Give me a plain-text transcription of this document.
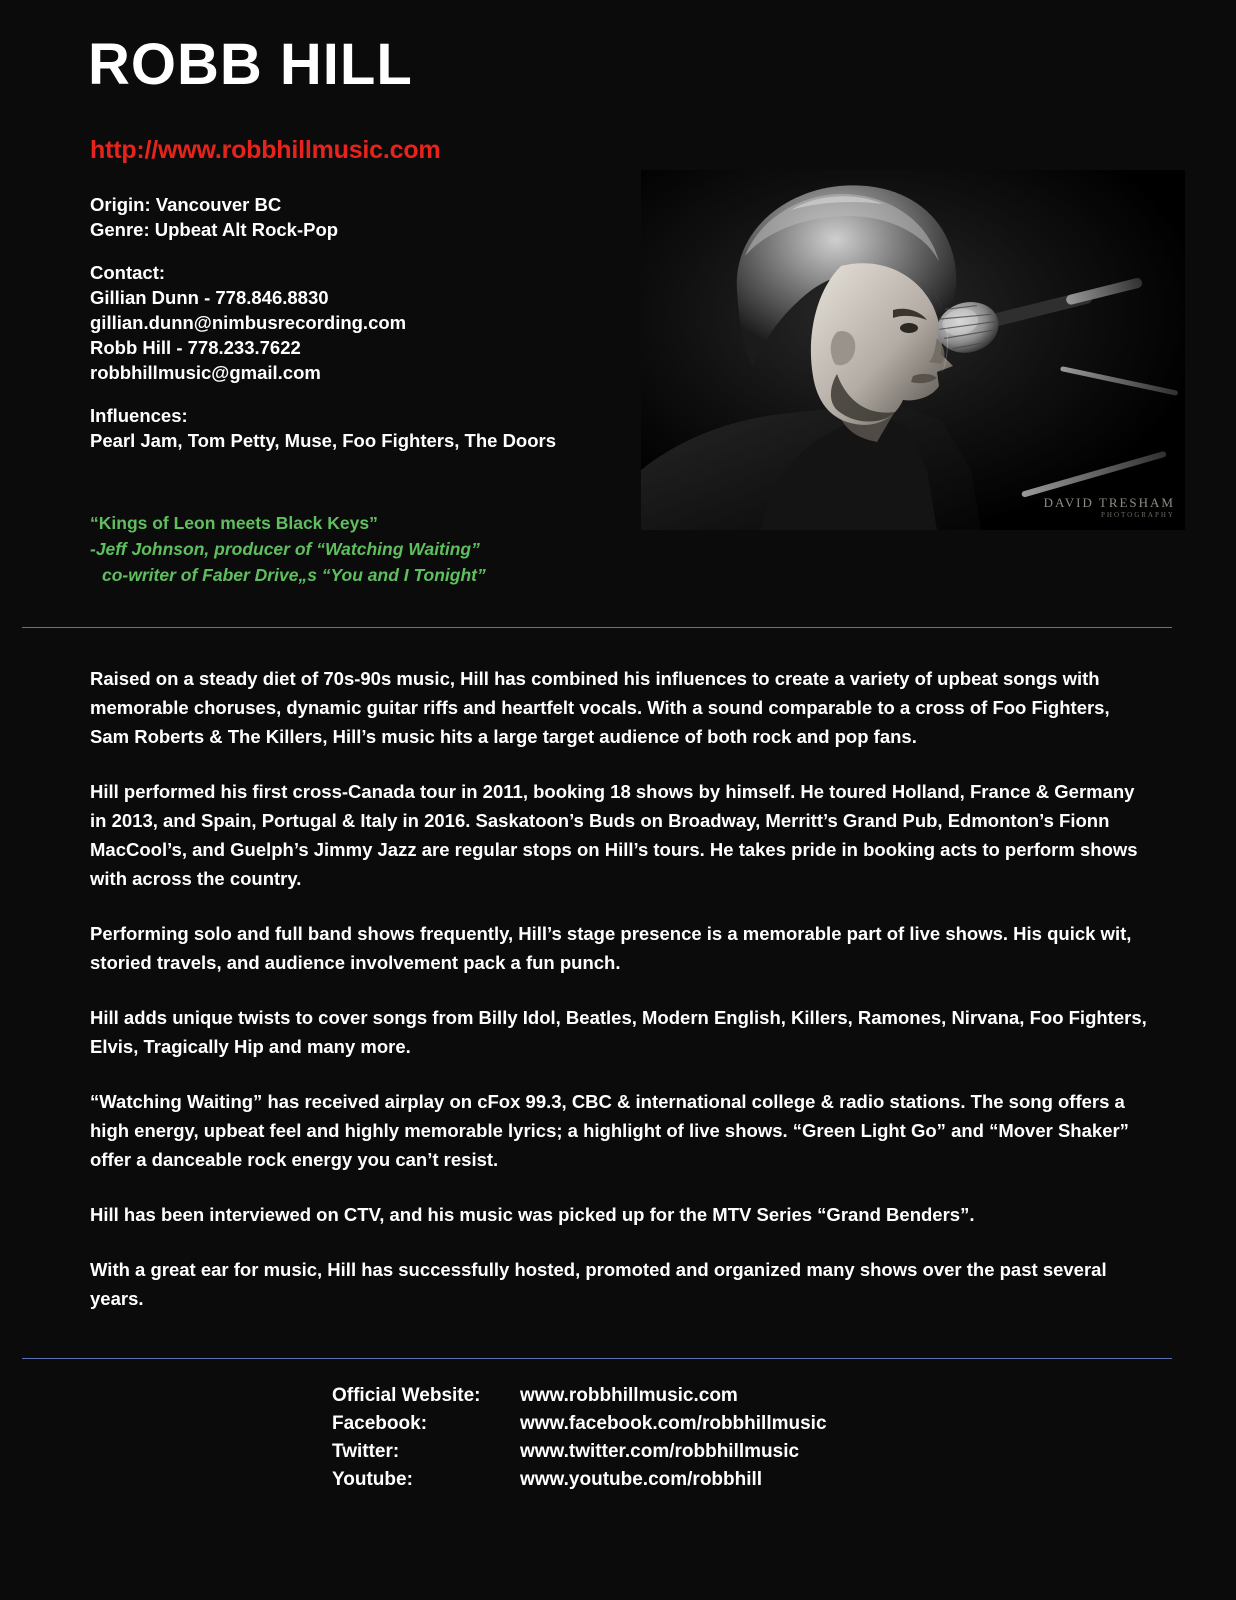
ROBB HILL
http://www.robbhillmusic.com
Origin: Vancouver BC
Genre: Upbeat Alt Rock-Pop
Contact:
Gillian Dunn - 778.846.8830
gillian.dunn@nimbusrecording.com
Robb Hill - 778.233.7622
robbhillmusic@gmail.com
Influences:
Pearl Jam, Tom Petty, Muse, Foo Fighters, The Doors
“Kings of Leon meets Black Keys”
-Jeff Johnson, producer of “Watching Waiting”
co-writer of Faber Drive„s “You and I Tonight”
DAVID TRESHAM
PHOTOGRAPHY

Raised on a steady diet of 70s-90s music, Hill has combined his influences to create a variety of upbeat songs with memorable choruses, dynamic guitar riffs and heartfelt vocals. With a sound comparable to a cross of Foo Fighters, Sam Roberts & The Killers, Hill’s music hits a large target audience of both rock and pop fans.

Hill performed his first cross-Canada tour in 2011, booking 18 shows by himself. He toured Holland, France & Germany in 2013, and Spain, Portugal & Italy in 2016. Saskatoon’s Buds on Broadway, Merritt’s Grand Pub, Edmonton’s Fionn MacCool’s, and Guelph’s Jimmy Jazz are regular stops on Hill’s tours. He takes pride in booking acts to perform shows with across the country.

Performing solo and full band shows frequently, Hill’s stage presence is a memorable part of live shows. His quick wit, storied travels, and audience involvement pack a fun punch.

Hill adds unique twists to cover songs from Billy Idol, Beatles, Modern English, Killers, Ramones, Nirvana, Foo Fighters, Elvis, Tragically Hip and many more.

“Watching Waiting” has received airplay on cFox 99.3, CBC & international college & radio stations. The song offers a high energy, upbeat feel and highly memorable lyrics; a highlight of live shows. “Green Light Go” and “Mover Shaker” offer a danceable rock energy you can’t resist.

Hill has been interviewed on CTV, and his music was picked up for the MTV Series “Grand Benders”.

With a great ear for music, Hill has successfully hosted, promoted and organized many shows over the past several years.

Official Website:	www.robbhillmusic.com
Facebook:	www.facebook.com/robbhillmusic
Twitter:	www.twitter.com/robbhillmusic
Youtube:	www.youtube.com/robbhill
